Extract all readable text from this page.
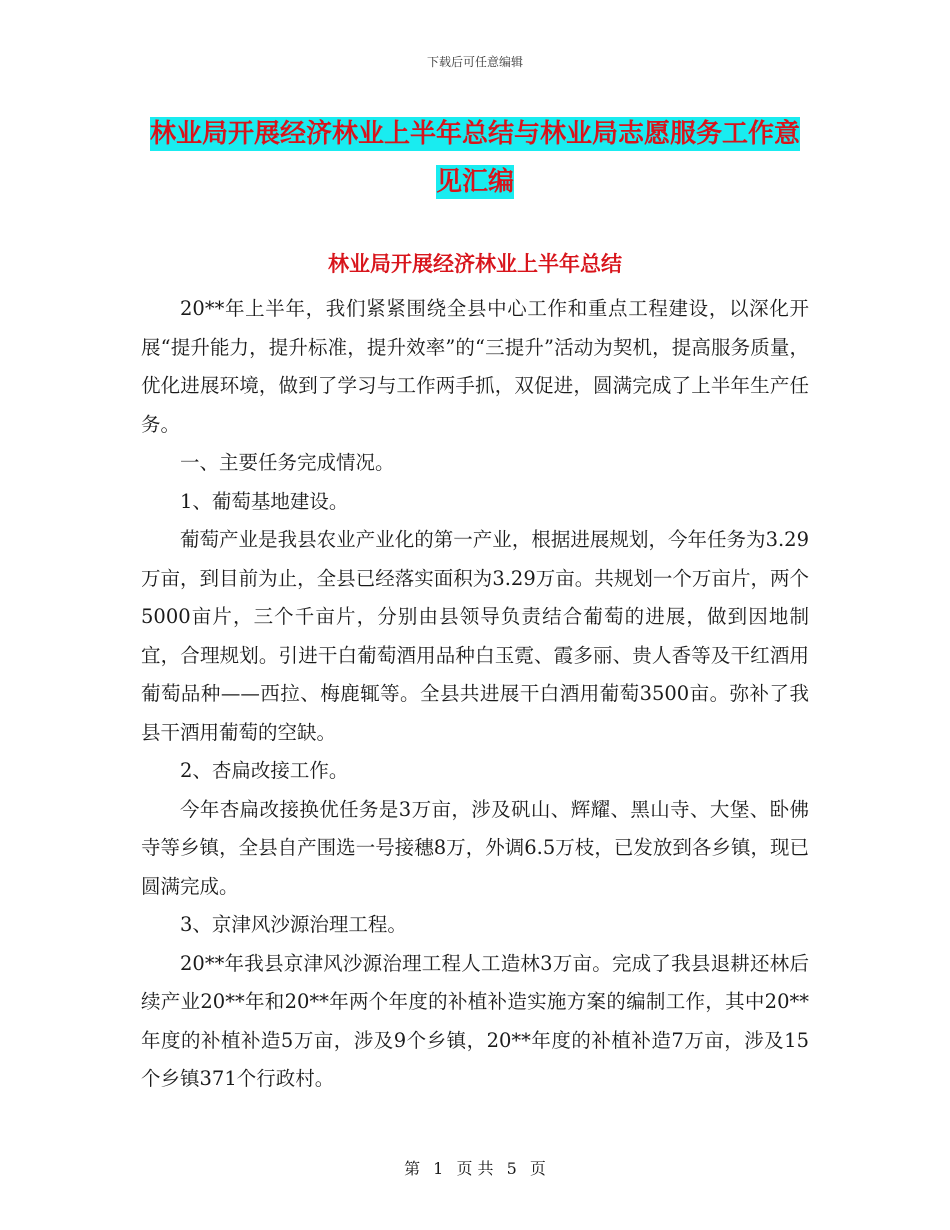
下载后可任意编辑
林业局开展经济林业上半年总结与林业局志愿服务工作意见汇编
林业局开展经济林业上半年总结

20**年上半年，我们紧紧围绕全县中心工作和重点工程建设，以深化开展“提升能力，提升标准，提升效率”的“三提升”活动为契机，提高服务质量，优化进展环境，做到了学习与工作两手抓，双促进，圆满完成了上半年生产任务。

一、主要任务完成情况。

1、葡萄基地建设。

葡萄产业是我县农业产业化的第一产业，根据进展规划，今年任务为3.29万亩，到目前为止，全县已经落实面积为3.29万亩。共规划一个万亩片，两个5000亩片，三个千亩片，分别由县领导负责结合葡萄的进展，做到因地制宜，合理规划。引进干白葡萄酒用品种白玉霓、霞多丽、贵人香等及干红酒用葡萄品种——西拉、梅鹿辄等。全县共进展干白酒用葡萄3500亩。弥补了我县干酒用葡萄的空缺。

2、杏扁改接工作。

今年杏扁改接换优任务是3万亩，涉及矾山、辉耀、黑山寺、大堡、卧佛寺等乡镇，全县自产围选一号接穗8万，外调6.5万枝，已发放到各乡镇，现已圆满完成。

3、京津风沙源治理工程。

20**年我县京津风沙源治理工程人工造林3万亩。完成了我县退耕还林后续产业20**年和20**年两个年度的补植补造实施方案的编制工作，其中20**年度的补植补造5万亩，涉及9个乡镇，20**年度的补植补造7万亩，涉及15个乡镇371个行政村。

第 1 页 共 5 页
